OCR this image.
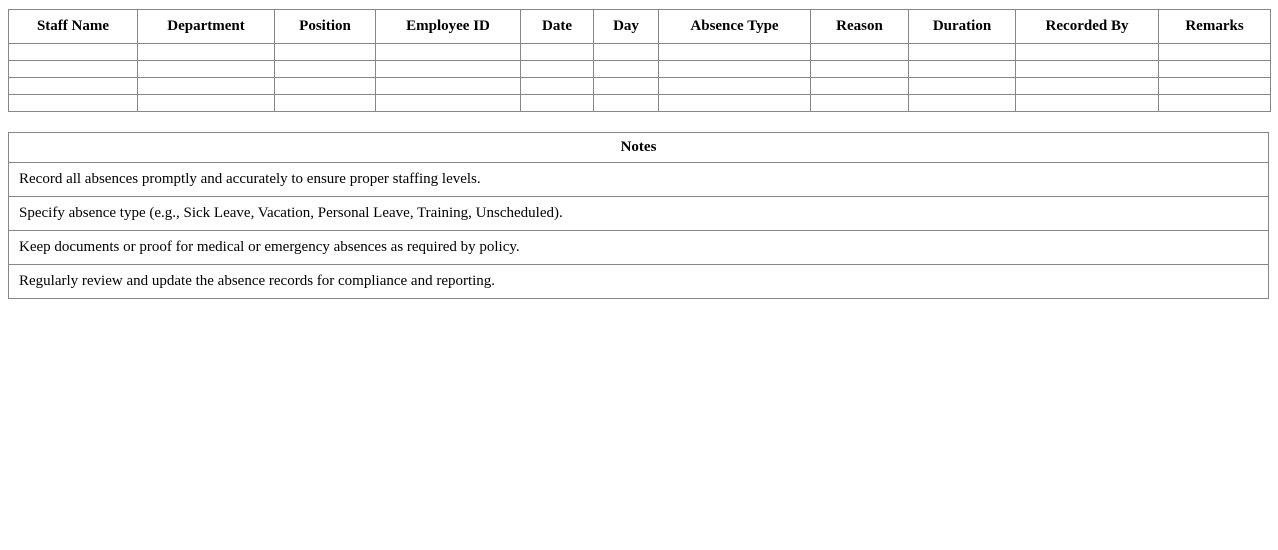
Staff Name	Department	Position	Employee ID	Date	Day	Absence Type	Reason	Duration	Recorded By	Remarks

Notes
Record all absences promptly and accurately to ensure proper staffing levels.
Specify absence type (e.g., Sick Leave, Vacation, Personal Leave, Training, Unscheduled).
Keep documents or proof for medical or emergency absences as required by policy.
Regularly review and update the absence records for compliance and reporting.
